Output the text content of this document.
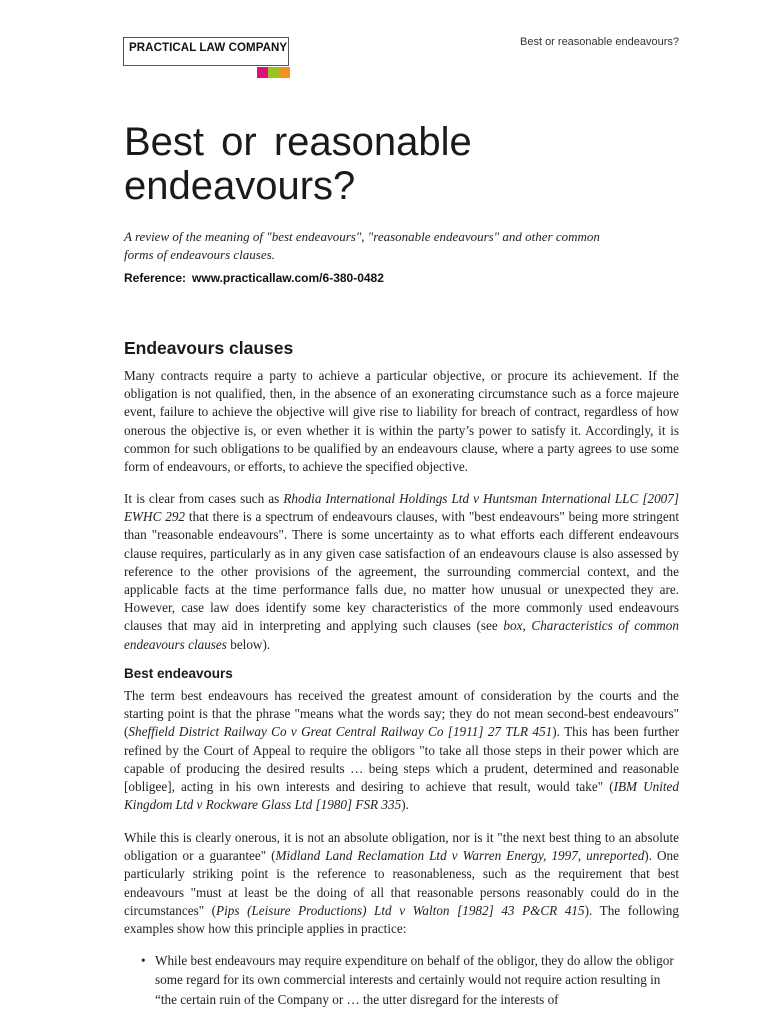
PRACTICAL LAW COMPANY	Best or reasonable endeavours?
Best or reasonable
endeavours?
A review of the meaning of "best endeavours", "reasonable endeavours" and other common
forms of endeavours clauses.
Reference: www.practicallaw.com/6-380-0482
Endeavours clauses
Many contracts require a party to achieve a particular objective, or procure its achievement. If the obligation is not qualified, then, in the absence of an exonerating circumstance such as a force majeure event, failure to achieve the objective will give rise to liability for breach of contract, regardless of how onerous the objective is, or even whether it is within the party’s power to satisfy it. Accordingly, it is common for such obligations to be qualified by an endeavours clause, where a party agrees to use some form of endeavours, or efforts, to achieve the specified objective.
It is clear from cases such as Rhodia International Holdings Ltd v Huntsman International LLC [2007] EWHC 292 that there is a spectrum of endeavours clauses, with "best endeavours" being more stringent than "reasonable endeavours". There is some uncertainty as to what efforts each different endeavours clause requires, particularly as in any given case satisfaction of an endeavours clause is also assessed by reference to the other provisions of the agreement, the surrounding commercial context, and the applicable facts at the time performance falls due, no matter how unusual or unexpected they are. However, case law does identify some key characteristics of the more commonly used endeavours clauses that may aid in interpreting and applying such clauses (see box, Characteristics of common endeavours clauses below).
Best endeavours
The term best endeavours has received the greatest amount of consideration by the courts and the starting point is that the phrase "means what the words say; they do not mean second-best endeavours" (Sheffield District Railway Co v Great Central Railway Co [1911] 27 TLR 451). This has been further refined by the Court of Appeal to require the obligors "to take all those steps in their power which are capable of producing the desired results … being steps which a prudent, determined and reasonable [obligee], acting in his own interests and desiring to achieve that result, would take" (IBM United Kingdom Ltd v Rockware Glass Ltd [1980] FSR 335).
While this is clearly onerous, it is not an absolute obligation, nor is it "the next best thing to an absolute obligation or a guarantee" (Midland Land Reclamation Ltd v Warren Energy, 1997, unreported). One particularly striking point is the reference to reasonableness, such as the requirement that best endeavours "must at least be the doing of all that reasonable persons reasonably could do in the circumstances" (Pips (Leisure Productions) Ltd v Walton [1982] 43 P&CR 415). The following examples show how this principle applies in practice:
• While best endeavours may require expenditure on behalf of the obligor, they do allow the obligor some regard for its own commercial interests and certainly would not require action resulting in “the certain ruin of the Company or … the utter disregard for the interests of
